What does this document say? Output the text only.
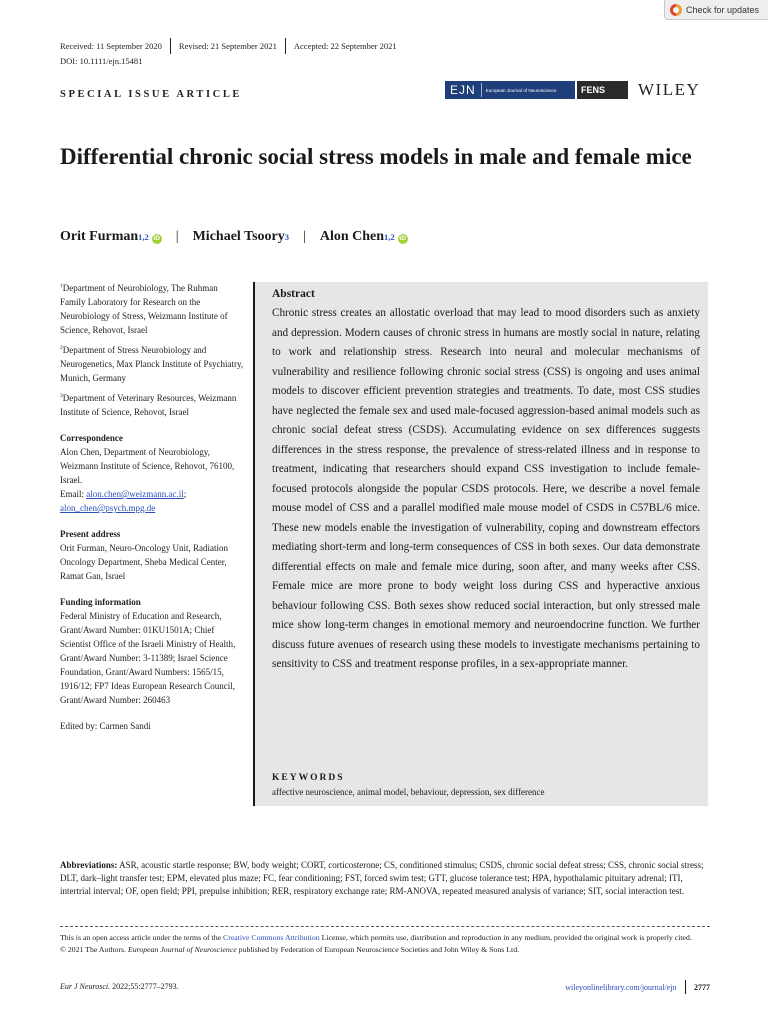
Check for updates
Received: 11 September 2020 Revised: 21 September 2021 Accepted: 22 September 2021
DOI: 10.1111/ejn.15481
SPECIAL ISSUE ARTICLE	EJN	European Journal of Neuroscience	FENS	WILEY
Differential chronic social stress models in male and female mice
Orit Furman 1,2 iD | Michael Tsoory 3 | Alon Chen 1,2 iD
$^1$Department of Neurobiology, The Ruhman Family Laboratory for Research on the Neurobiology of Stress, Weizmann Institute of Science, Rehovot, Israel
$^2$Department of Stress Neurobiology and Neurogenetics, Max Planck Institute of Psychiatry, Munich, Germany
$^3$Department of Veterinary Resources, Weizmann Institute of Science, Rehovot, Israel
Correspondence
Alon Chen, Department of Neurobiology, Weizmann Institute of Science, Rehovot, 76100, Israel.
Email: alon.chen@weizmann.ac.il;
alon_chen@psych.mpg.de
Present address
Orit Furman, Neuro-Oncology Unit, Radiation Oncology Department, Sheba Medical Center, Ramat Gan, Israel
Funding information
Federal Ministry of Education and Research, Grant/Award Number: 01KU1501A; Chief Scientist Office of the Israeli Ministry of Health, Grant/Award Number: 3-11389; Israel Science Foundation, Grant/Award Numbers: 1565/15, 1916/12; FP7 Ideas European Research Council, Grant/Award Number: 260463
Edited by: Carmen Sandi
Abstract
Chronic stress creates an allostatic overload that may lead to mood disorders such as anxiety and depression. Modern causes of chronic stress in humans are mostly social in nature, relating to work and relationship stress. Research into neural and molecular mechanisms of vulnerability and resilience following chronic social stress (CSS) is ongoing and uses animal models to discover efficient prevention strategies and treatments. To date, most CSS studies have neglected the female sex and used male-focused aggression-based animal models such as chronic social defeat stress (CSDS). Accumulating evidence on sex differences suggests differences in the stress response, the prevalence of stress-related illness and in response to treatment, indicating that researchers should expand CSS investigation to include female-focused protocols alongside the popular CSDS protocols. Here, we describe a novel female mouse model of CSS and a parallel modified male mouse model of CSDS in C57BL/6 mice. These new models enable the investigation of vulnerability, coping and downstream effectors mediating short-term and long-term consequences of CSS in both sexes. Our data demonstrate differential effects on male and female mice during, soon after, and many weeks after CSS. Female mice are more prone to body weight loss during CSS and hyperactive anxious behaviour following CSS. Both sexes show reduced social interaction, but only stressed male mice show long-term changes in emotional memory and neuroendocrine function. We further discuss future avenues of research using these models to investigate mechanisms pertaining to sensitivity to CSS and treatment response profiles, in a sex-appropriate manner.
KEYWORDS
affective neuroscience, animal model, behaviour, depression, sex difference
Abbreviations: ASR, acoustic startle response; BW, body weight; CORT, corticosterone; CS, conditioned stimulus; CSDS, chronic social defeat stress; CSS, chronic social stress; DLT, dark–light transfer test; EPM, elevated plus maze; FC, fear conditioning; FST, forced swim test; GTT, glucose tolerance test; HPA, hypothalamic pituitary adrenal; ITI, intertrial interval; OF, open field; PPI, prepulse inhibition; RER, respiratory exchange rate; RM-ANOVA, repeated measured analysis of variance; SIT, social interaction test.
This is an open access article under the terms of the Creative Commons Attribution License, which permits use, distribution and reproduction in any medium, provided the original work is properly cited.
© 2021 The Authors. European Journal of Neuroscience published by Federation of European Neuroscience Societies and John Wiley & Sons Ltd.
Eur J Neurosci. 2022;55:2777–2793.	wileyonlinelibrary.com/journal/ejn 2777
